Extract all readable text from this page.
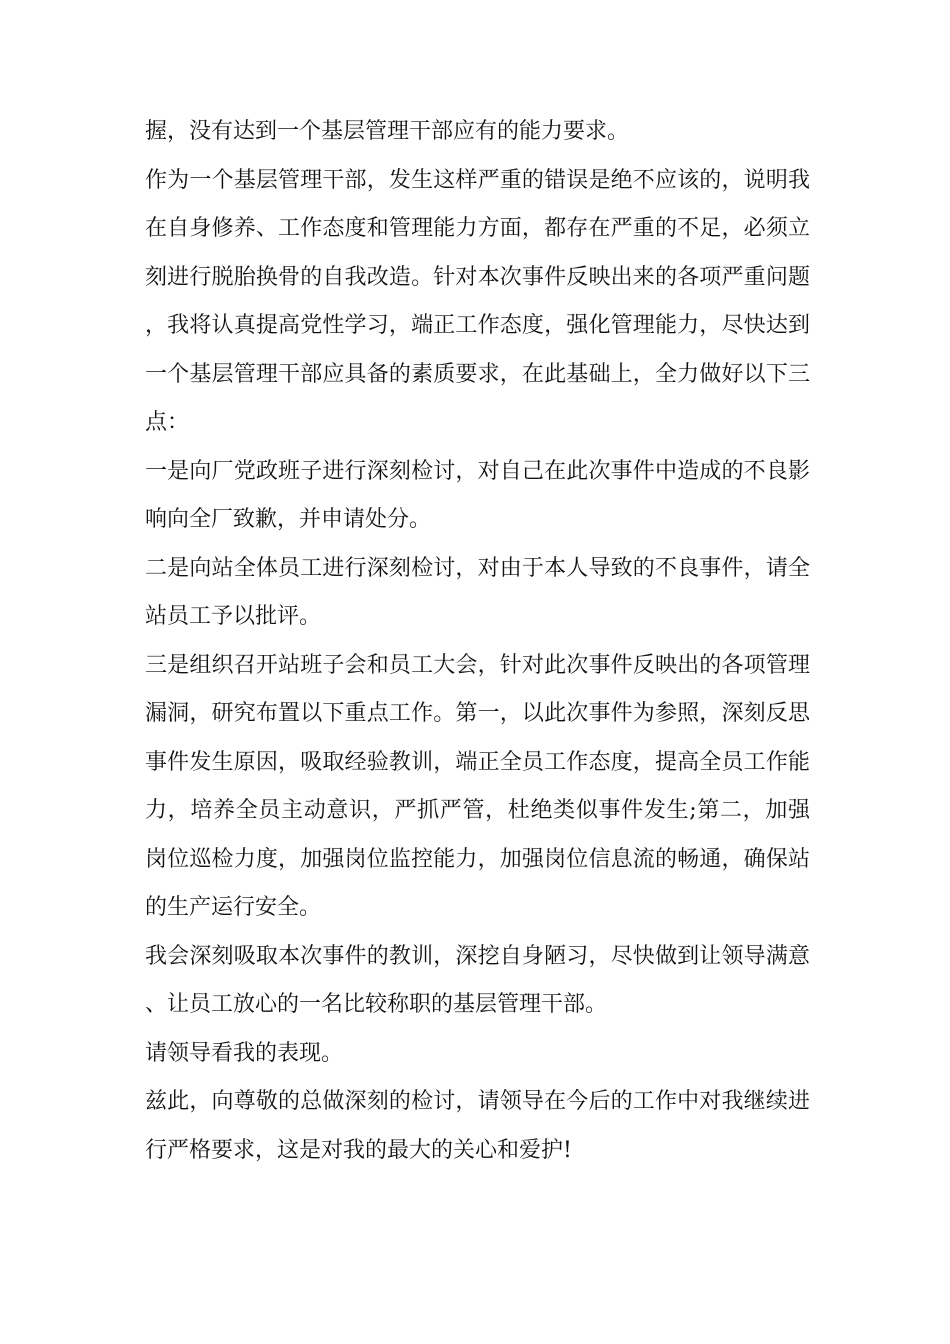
握，没有达到一个基层管理干部应有的能力要求。

作为一个基层管理干部，发生这样严重的错误是绝不应该的，说明我在自身修养、工作态度和管理能力方面，都存在严重的不足，必须立刻进行脱胎换骨的自我改造。针对本次事件反映出来的各项严重问题，我将认真提高党性学习，端正工作态度，强化管理能力，尽快达到一个基层管理干部应具备的素质要求，在此基础上，全力做好以下三点：

一是向厂党政班子进行深刻检讨，对自己在此次事件中造成的不良影响向全厂致歉，并申请处分。

二是向站全体员工进行深刻检讨，对由于本人导致的不良事件，请全站员工予以批评。

三是组织召开站班子会和员工大会，针对此次事件反映出的各项管理漏洞，研究布置以下重点工作。第一，以此次事件为参照，深刻反思事件发生原因，吸取经验教训，端正全员工作态度，提高全员工作能力，培养全员主动意识，严抓严管，杜绝类似事件发生;第二，加强岗位巡检力度，加强岗位监控能力，加强岗位信息流的畅通，确保站的生产运行安全。

我会深刻吸取本次事件的教训，深挖自身陋习，尽快做到让领导满意、让员工放心的一名比较称职的基层管理干部。

请领导看我的表现。

兹此，向尊敬的总做深刻的检讨，请领导在今后的工作中对我继续进行严格要求，这是对我的最大的关心和爱护!
